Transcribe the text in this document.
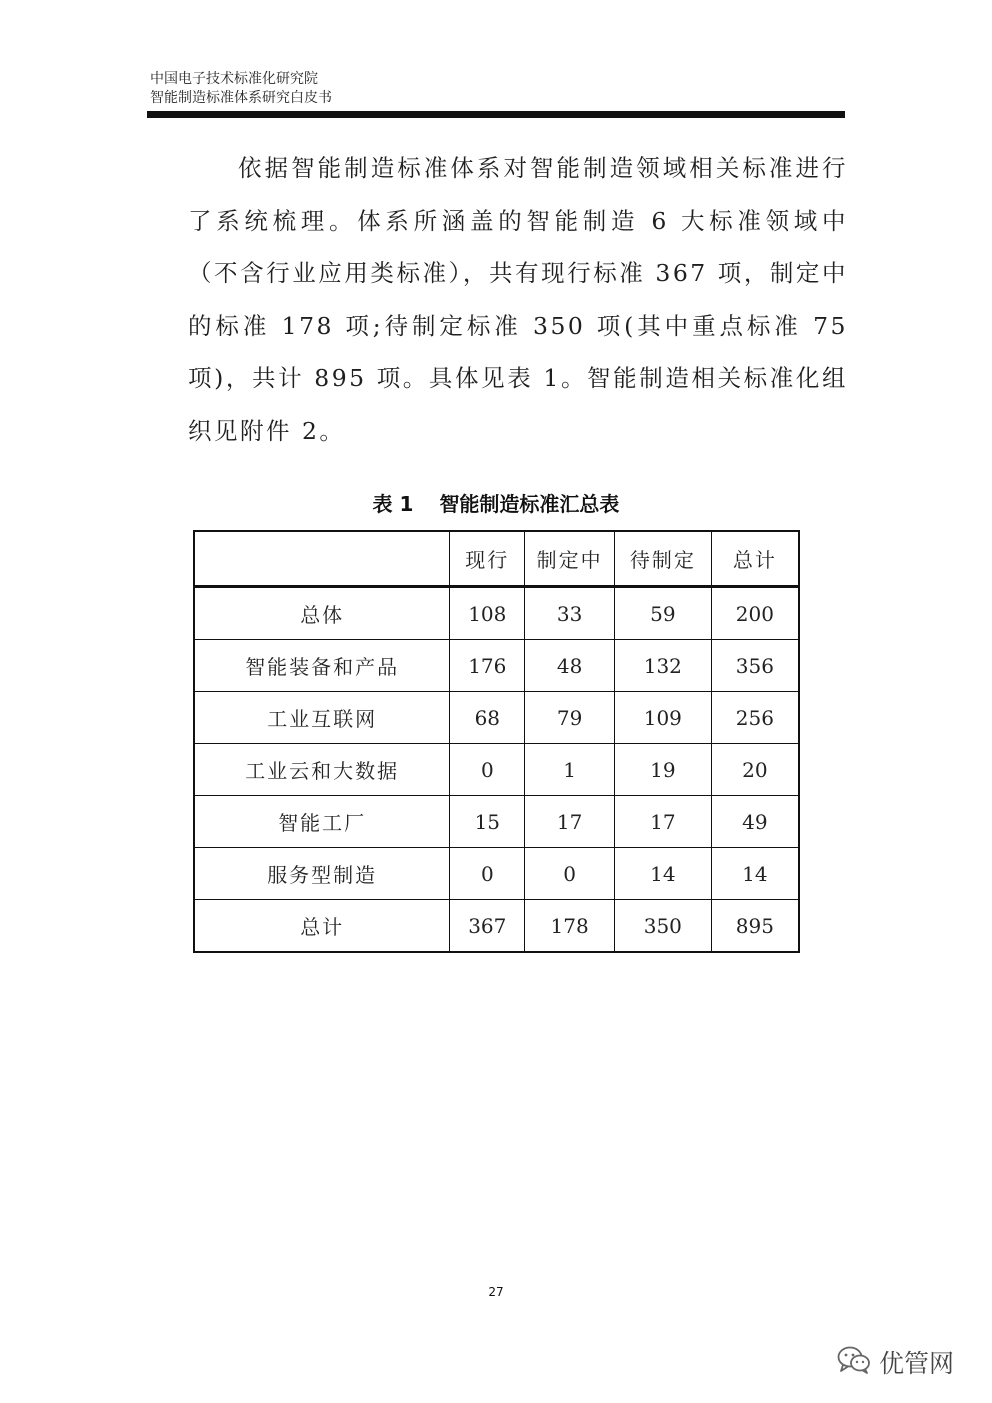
中国电子技术标准化研究院
智能制造标准体系研究白皮书
依据智能制造标准体系对智能制造领域相关标准进行了系统梳理。体系所涵盖的智能制造 6 大标准领域中（不含行业应用类标准），共有现行标准 367 项，制定中的标准 178 项;待制定标准 350 项(其中重点标准 75 项)，共计 895 项。具体见表 1。智能制造相关标准化组织见附件 2。
表 1 智能制造标准汇总表
	现行	制定中	待制定	总计
总体	108	33	59	200
智能装备和产品	176	48	132	356
工业互联网	68	79	109	256
工业云和大数据	0	1	19	20
智能工厂	15	17	17	49
服务型制造	0	0	14	14
总计	367	178	350	895
27
优管网
